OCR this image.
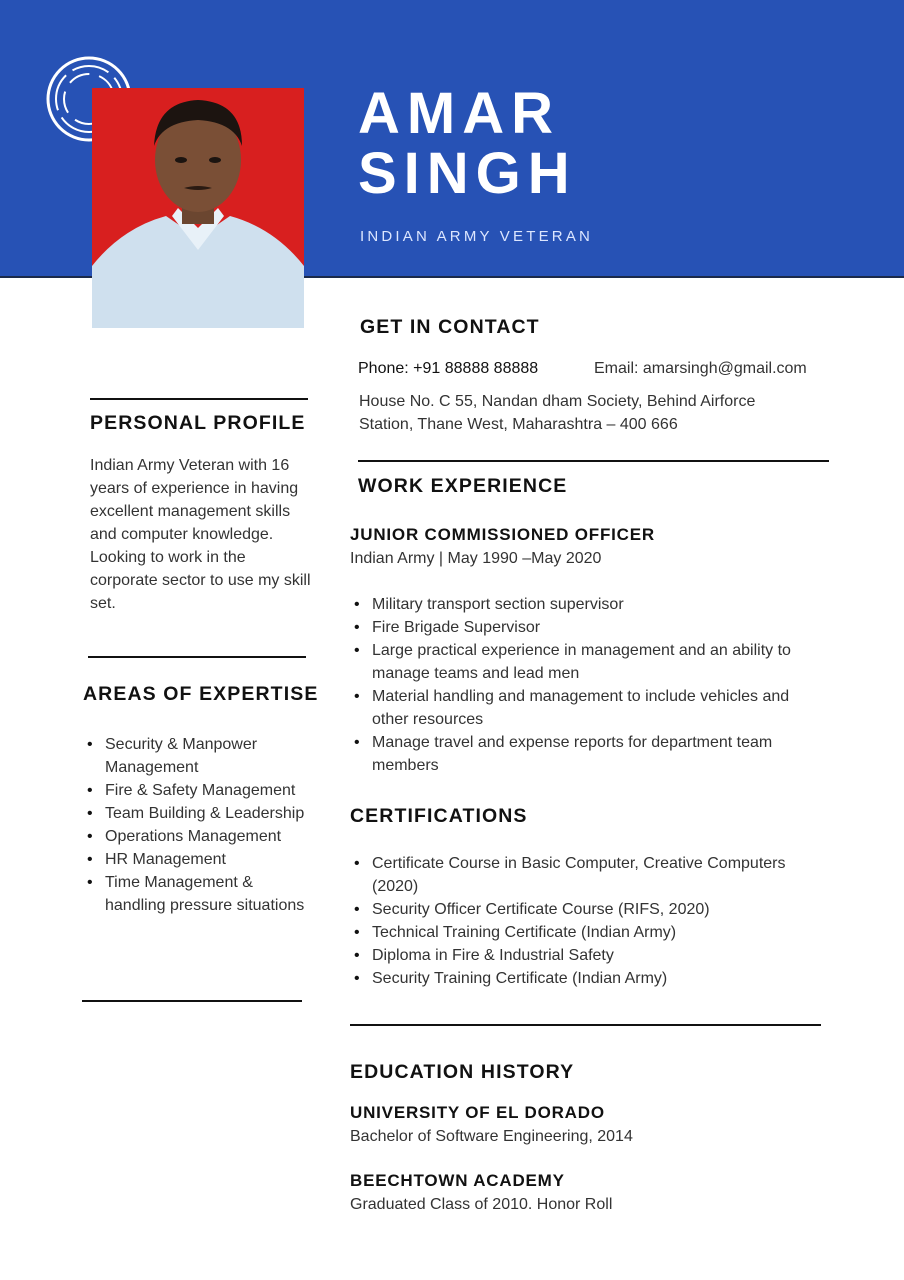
AMAR
SINGH
INDIAN ARMY VETERAN
PERSONAL PROFILE

Indian Army Veteran with 16 years of experience in having excellent management skills and computer knowledge. Looking to work in the corporate sector to use my skill set.

AREAS OF EXPERTISE
• Security & Manpower Management
• Fire & Safety Management
• Team Building & Leadership
• Operations Management
• HR Management
• Time Management & handling pressure situations
GET IN CONTACT
Phone: +91 88888 88888	Email: amarsingh@gmail.com

House No. C 55, Nandan dham Society, Behind Airforce Station, Thane West, Maharashtra – 400 666

WORK EXPERIENCE
JUNIOR COMMISSIONED OFFICER
Indian Army | May 1990 –May 2020
• Military transport section supervisor
• Fire Brigade Supervisor
• Large practical experience in management and an ability to manage teams and lead men
• Material handling and management to include vehicles and other resources
• Manage travel and expense reports for department team members
CERTIFICATIONS
• Certificate Course in Basic Computer, Creative Computers (2020)
• Security Officer Certificate Course (RIFS, 2020)
• Technical Training Certificate (Indian Army)
• Diploma in Fire & Industrial Safety
• Security Training Certificate (Indian Army)
EDUCATION HISTORY
UNIVERSITY OF EL DORADO
Bachelor of Software Engineering, 2014
BEECHTOWN ACADEMY
Graduated Class of 2010. Honor Roll
